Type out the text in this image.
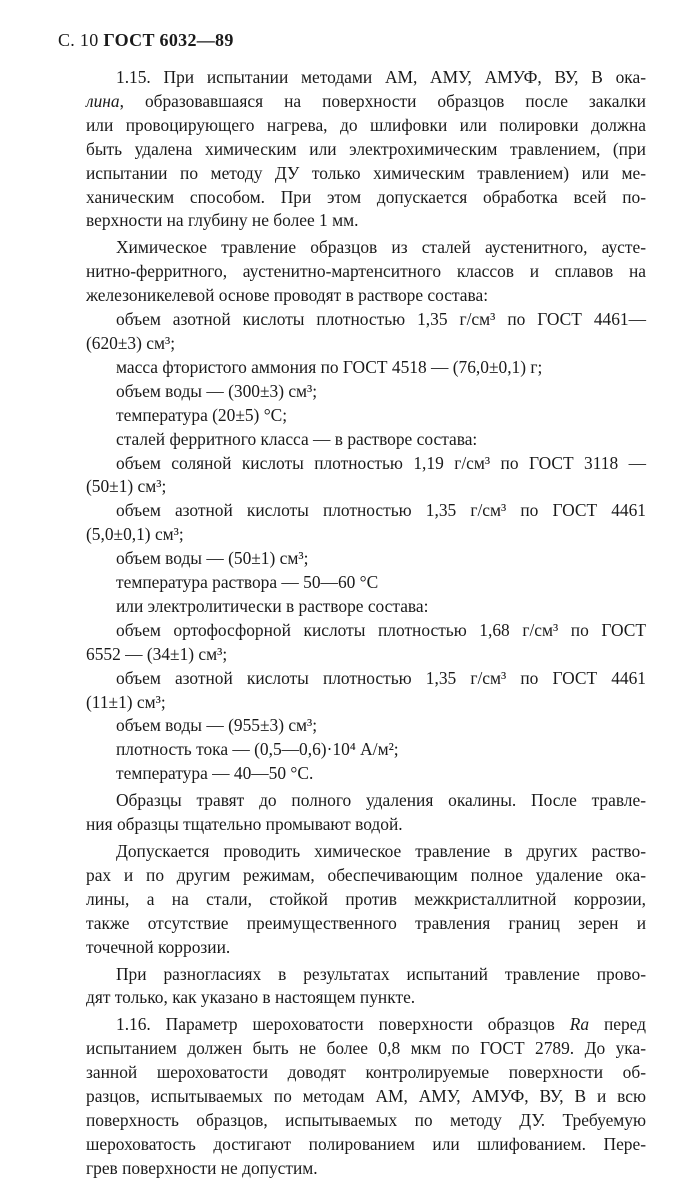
С. 10 ГОСТ 6032—89
1.15. При испытании методами АМ, АМУ, АМУФ, ВУ, В ока-
лина, образовавшаяся на поверхности образцов после закалки
или провоцирующего нагрева, до шлифовки или полировки должна
быть удалена химическим или электрохимическим травлением, (при
испытании по методу ДУ только химическим травлением) или ме-
ханическим способом. При этом допускается обработка всей по-
верхности на глубину не более 1 мм.
Химическое травление образцов из сталей аустенитного, аусте-
нитно-ферритного, аустенитно-мартенситного классов и сплавов на
железоникелевой основе проводят в растворе состава:
объем азотной кислоты плотностью 1,35 г/см³ по ГОСТ 4461—
(620±3) см³;
масса фтористого аммония по ГОСТ 4518 — (76,0±0,1) г;
объем воды — (300±3) см³;
температура (20±5) °C;
сталей ферритного класса — в растворе состава:
объем соляной кислоты плотностью 1,19 г/см³ по ГОСТ 3118 —
(50±1) см³;
объем азотной кислоты плотностью 1,35 г/см³ по ГОСТ 4461
(5,0±0,1) см³;
объем воды — (50±1) см³;
температура раствора — 50—60 °C
или электролитически в растворе состава:
объем ортофосфорной кислоты плотностью 1,68 г/см³ по ГОСТ
6552 — (34±1) см³;
объем азотной кислоты плотностью 1,35 г/см³ по ГОСТ 4461
(11±1) см³;
объем воды — (955±3) см³;
плотность тока — (0,5—0,6)·10⁴ А/м²;
температура — 40—50 °C.
Образцы травят до полного удаления окалины. После травле-
ния образцы тщательно промывают водой.
Допускается проводить химическое травление в других раство-
рах и по другим режимам, обеспечивающим полное удаление ока-
лины, а на стали, стойкой против межкристаллитной коррозии,
также отсутствие преимущественного травления границ зерен и
точечной коррозии.
При разногласиях в результатах испытаний травление прово-
дят только, как указано в настоящем пункте.
1.16. Параметр шероховатости поверхности образцов Ra перед
испытанием должен быть не более 0,8 мкм по ГОСТ 2789. До ука-
занной шероховатости доводят контролируемые поверхности об-
разцов, испытываемых по методам АМ, АМУ, АМУФ, ВУ, В и всю
поверхность образцов, испытываемых по методу ДУ. Требуемую
шероховатость достигают полированием или шлифованием. Пере-
грев поверхности не допустим.
